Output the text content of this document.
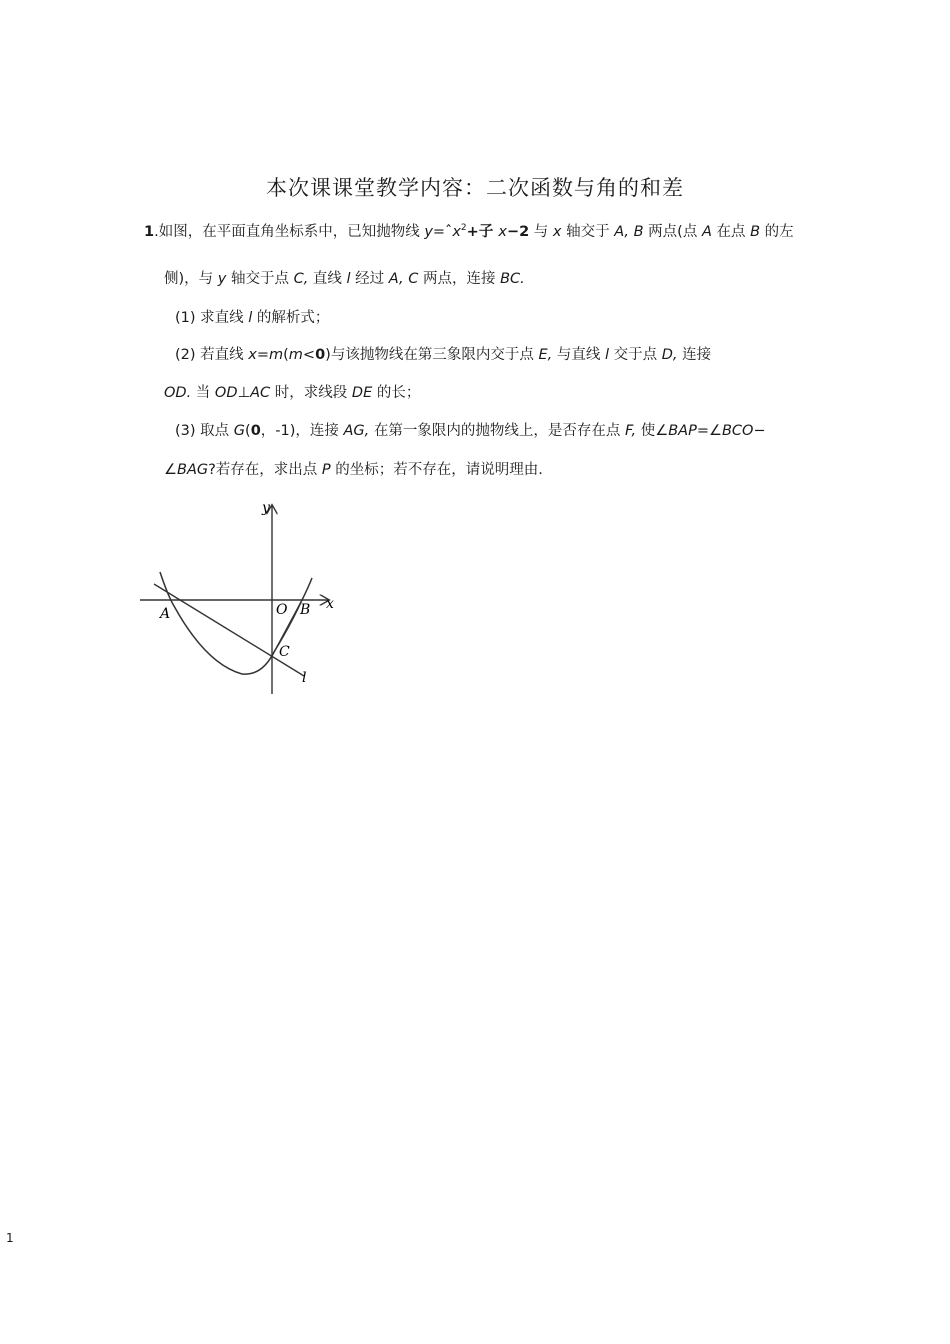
本次课课堂教学内容：二次函数与角的和差
1.如图，在平面直角坐标系中，已知抛物线 y=ˆx$^2$+子 x−2 与 x 轴交于 A, B 两点(点 A 在点 B 的左
侧)，与 y 轴交于点 C, 直线 l 经过 A, C 两点，连接 BC.
(1) 求直线 l 的解析式；
(2) 若直线 x=m(m<0)与该抛物线在第三象限内交于点 E, 与直线 l 交于点 D, 连接
OD. 当 OD⊥AC 时，求线段 DE 的长；
(3) 取点 G(0，-1)，连接 AG, 在第一象限内的抛物线上，是否存在点 F, 使∠BAP=∠BCO−
∠BAG?若存在，求出点 P 的坐标；若不存在，请说明理由.
y
x
O
A	B
C
l
1
